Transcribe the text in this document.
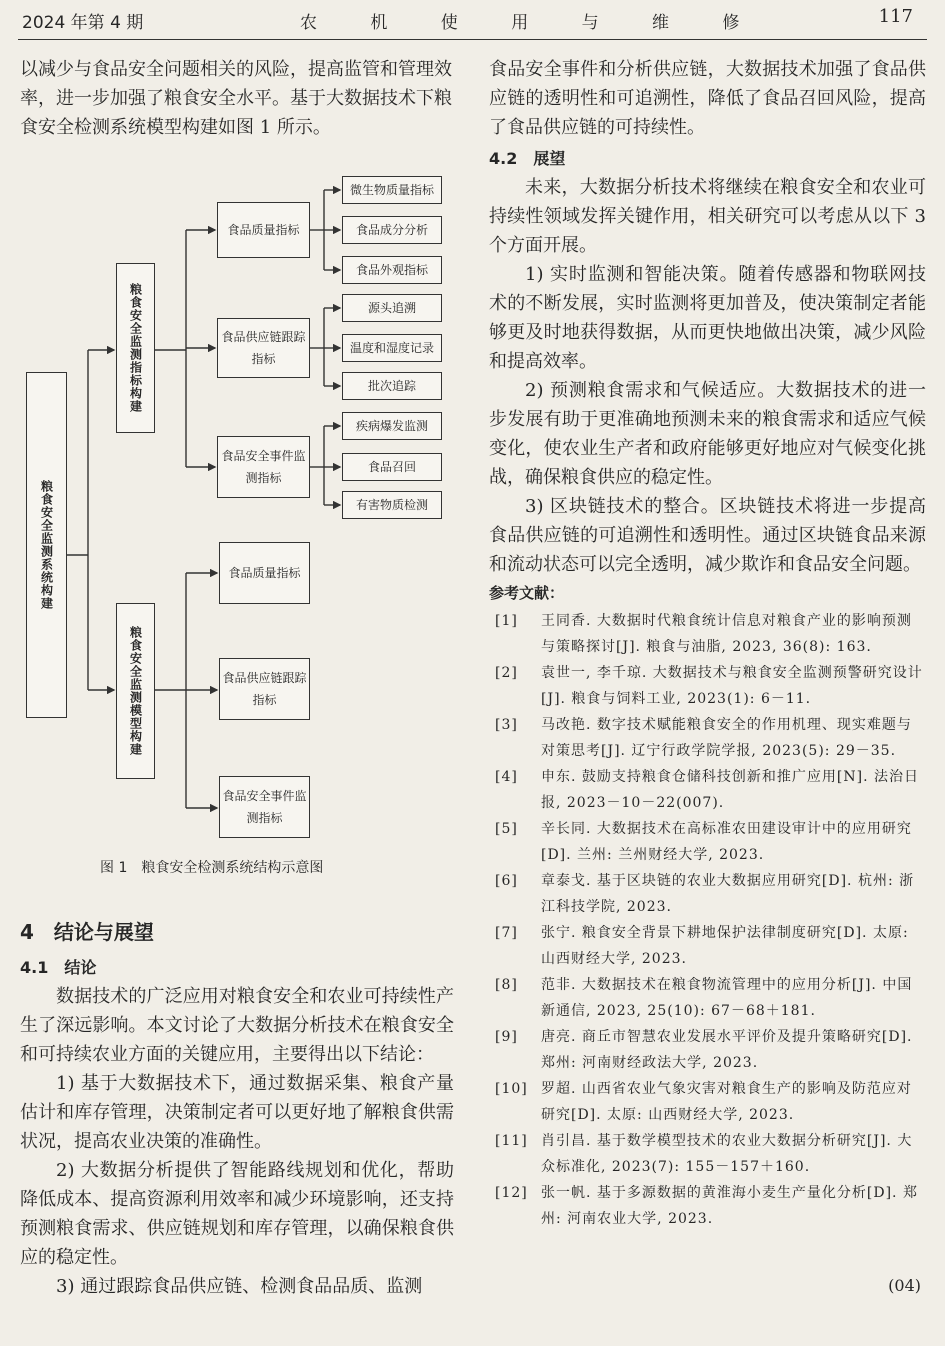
2024 年第 4 期	农 机 使 用 与 维 修	117

以减少与食品安全问题相关的风险，提高监管和管理效率，进一步加强了粮食安全水平。基于大数据技术下粮食安全检测系统模型构建如图 1 所示。

粮食安全监测系统构建
粮食安全监测指标构建
粮食安全监测模型构建
食品质量指标
食品供应链跟踪指标
食品安全事件监测指标
微生物质量指标
食品成分分析
食品外观指标
源头追溯
温度和湿度记录
批次追踪
疾病爆发监测
食品召回
有害物质检测
食品质量指标
食品供应链跟踪指标
食品安全事件监测指标
图 1　粮食安全检测系统结构示意图

4　结论与展望

4.1　结论

数据技术的广泛应用对粮食安全和农业可持续性产生了深远影响。本文讨论了大数据分析技术在粮食安全和可持续农业方面的关键应用，主要得出以下结论：

1) 基于大数据技术下，通过数据采集、粮食产量估计和库存管理，决策制定者可以更好地了解粮食供需状况，提高农业决策的准确性。

2) 大数据分析提供了智能路线规划和优化，帮助降低成本、提高资源利用效率和减少环境影响，还支持预测粮食需求、供应链规划和库存管理，以确保粮食供应的稳定性。

3) 通过跟踪食品供应链、检测食品品质、监测

食品安全事件和分析供应链，大数据技术加强了食品供应链的透明性和可追溯性，降低了食品召回风险，提高了食品供应链的可持续性。

4.2　展望

未来，大数据分析技术将继续在粮食安全和农业可持续性领域发挥关键作用，相关研究可以考虑从以下 3 个方面开展。

1) 实时监测和智能决策。随着传感器和物联网技术的不断发展，实时监测将更加普及，使决策制定者能够更及时地获得数据，从而更快地做出决策，减少风险和提高效率。

2) 预测粮食需求和气候适应。大数据技术的进一步发展有助于更准确地预测未来的粮食需求和适应气候变化，使农业生产者和政府能够更好地应对气候变化挑战，确保粮食供应的稳定性。

3) 区块链技术的整合。区块链技术将进一步提高食品供应链的可追溯性和透明性。通过区块链食品来源和流动状态可以完全透明，减少欺诈和食品安全问题。

参考文献：

[1] 王同香. 大数据时代粮食统计信息对粮食产业的影响预测与策略探讨[J]. 粮食与油脂, 2023, 36(8): 163.
[2] 袁世一, 李千琼. 大数据技术与粮食安全监测预警研究设计[J]. 粮食与饲料工业, 2023(1): 6－11.
[3] 马改艳. 数字技术赋能粮食安全的作用机理、现实难题与对策思考[J]. 辽宁行政学院学报, 2023(5): 29－35.
[4] 申东. 鼓励支持粮食仓储科技创新和推广应用[N]. 法治日报, 2023－10－22(007).
[5] 辛长同. 大数据技术在高标准农田建设审计中的应用研究[D]. 兰州: 兰州财经大学, 2023.
[6] 章泰戈. 基于区块链的农业大数据应用研究[D]. 杭州: 浙江科技学院, 2023.
[7] 张宁. 粮食安全背景下耕地保护法律制度研究[D]. 太原: 山西财经大学, 2023.
[8] 范非. 大数据技术在粮食物流管理中的应用分析[J]. 中国新通信, 2023, 25(10): 67－68＋181.
[9] 唐亮. 商丘市智慧农业发展水平评价及提升策略研究[D]. 郑州: 河南财经政法大学, 2023.
[10] 罗超. 山西省农业气象灾害对粮食生产的影响及防范应对研究[D]. 太原: 山西财经大学, 2023.
[11] 肖引昌. 基于数学模型技术的农业大数据分析研究[J]. 大众标准化, 2023(7): 155－157＋160.
[12] 张一帆. 基于多源数据的黄淮海小麦生产量化分析[D]. 郑州: 河南农业大学, 2023.
(04)
